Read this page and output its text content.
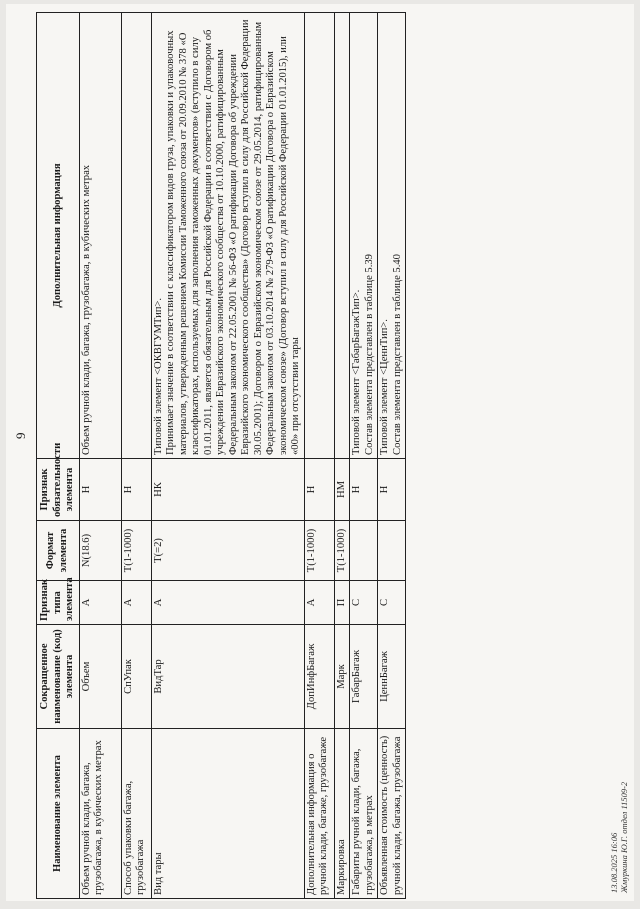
9
Наименование элемента	Сокращенное наименование (код) элемента	Признак типа элемента	Формат элемента	Признак обязательности элемента	Дополнительная информация
Объем ручной клади, багажа, грузобагажа, в кубических метрах	Объем	А	N(18.6)	Н	Объем ручной клади, багажа, грузобагажа, в кубических метрах
Способ упаковки багажа, грузобагажа	СпУпак	А	T(1-1000)	Н	
Вид тары	ВидТар	А	T(=2)	НК	Типовой элемент <ОКВГУМТип>. Принимает значение в соответствии с классификатором видов груза, упаковки и упаковочных материалов, утвержденным решением Комиссии Таможенного союза от 20.09.2010 № 378 «О классификаторах, используемых для заполнения таможенных документов» (вступило в силу 01.01.2011, является обязательным для Российской Федерации в соответствии с Договором об учреждении Евразийского экономического сообщества от 10.10.2000, ратифицированным Федеральным законом от 22.05.2001 № 56-ФЗ «О ратификации Договора об учреждении Евразийского экономического сообщества» (Договор вступил в силу для Российской Федерации 30.05.2001); Договором о Евразийском экономическом союзе от 29.05.2014, ратифицированным Федеральным законом от 03.10.2014 № 279-ФЗ «О ратификации Договора о Евразийском экономическом союзе» (Договор вступил в силу для Российской Федерации 01.01.2015), или «00» при отсутствии тары

Дополнительная информация о ручной клади, багаже, грузобагаже	ДопИнфБагаж	А	T(1-1000)	Н	
Маркировка	Марк	П	T(1-1000)	НМ	
Габариты ручной клади, багажа, грузобагажа, в метрах	ГабарБагаж	С		Н	Типовой элемент <ГабарБагажТип>. Состав элемента представлен в таблице 5.39

Объявленная стоимость (ценность) ручной клади, багажа, грузобагажа	ЦеннБагаж	С		Н	Типовой элемент <ЦеннТип>. Состав элемента представлен в таблице 5.40
13.08.2025 16:06 Жмуркина Ю.Г. отдел 11509-2
